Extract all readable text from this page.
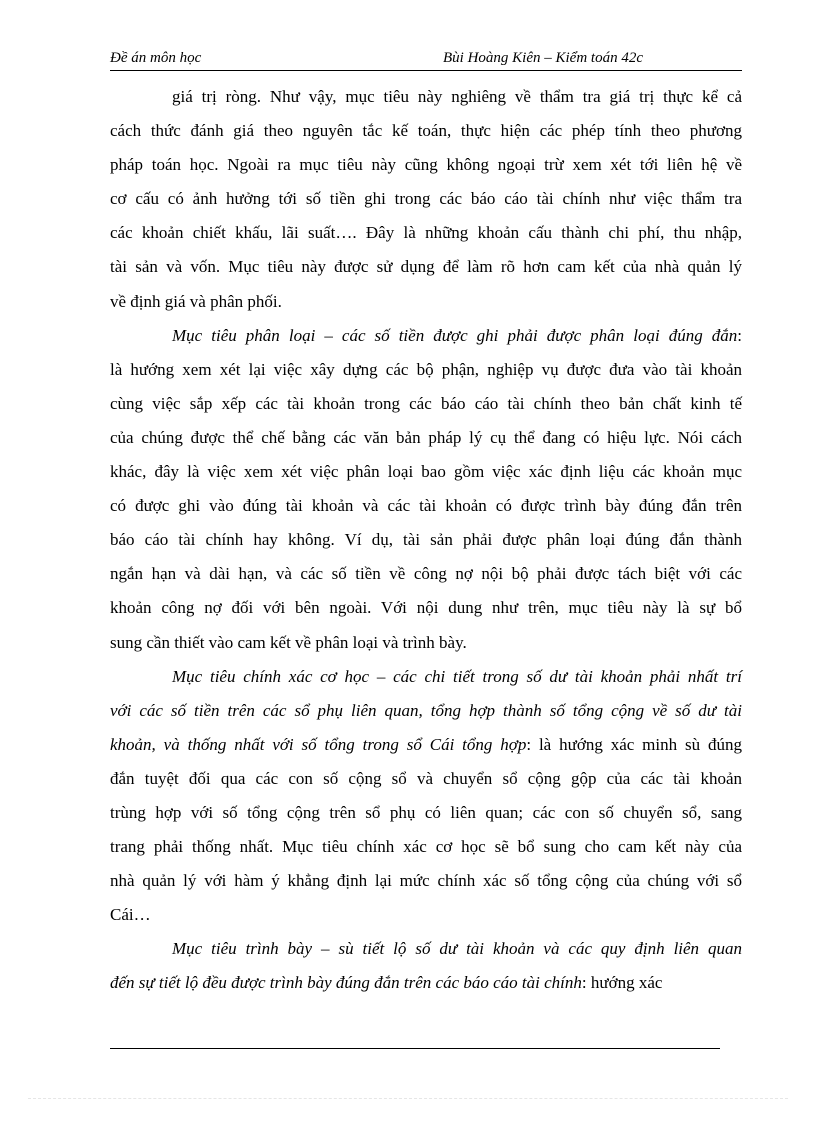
Đề án môn học	Bùi Hoàng Kiên – Kiểm toán 42c
giá trị ròng. Như vậy, mục tiêu này nghiêng về thẩm tra giá trị thực kể cả
cách thức đánh giá theo nguyên tắc kế toán, thực hiện các phép tính theo phương
pháp toán học. Ngoài ra mục tiêu này cũng không ngoại trừ xem xét tới liên hệ về
cơ cấu có ảnh hưởng tới số tiền ghi trong các báo cáo tài chính như việc thẩm tra
các khoản chiết khấu, lãi suất…. Đây là những khoản cấu thành chi phí, thu nhập,
tài sản và vốn. Mục tiêu này được sử dụng để làm rõ hơn cam kết của nhà quản lý
về định giá và phân phối.
Mục tiêu phân loại – các số tiền được ghi phải được phân loại đúng đắn:
là hướng xem xét lại việc xây dựng các bộ phận, nghiệp vụ được đưa vào tài khoản
cùng việc sắp xếp các tài khoản trong các báo cáo tài chính theo bản chất kinh tế
của chúng được thể chế bằng các văn bản pháp lý cụ thể đang có hiệu lực. Nói cách
khác, đây là việc xem xét việc phân loại bao gồm việc xác định liệu các khoản mục
có được ghi vào đúng tài khoản và các tài khoản có được trình bày đúng đắn trên
báo cáo tài chính hay không. Ví dụ, tài sản phải được phân loại đúng đắn thành
ngắn hạn và dài hạn, và các số tiền về công nợ nội bộ phải được tách biệt với các
khoản công nợ đối với bên ngoài. Với nội dung như trên, mục tiêu này là sự bổ
sung cần thiết vào cam kết về phân loại và trình bày.
Mục tiêu chính xác cơ học – các chi tiết trong số dư tài khoản phải nhất trí
với các số tiền trên các sổ phụ liên quan, tổng hợp thành số tổng cộng về số dư tài
khoản, và thống nhất với số tổng trong sổ Cái tổng hợp: là hướng xác minh sù đúng
đắn tuyệt đối qua các con số cộng sổ và chuyển sổ cộng gộp của các tài khoản
trùng hợp với số tổng cộng trên sổ phụ có liên quan; các con số chuyển sổ, sang
trang phải thống nhất. Mục tiêu chính xác cơ học sẽ bổ sung cho cam kết này của
nhà quản lý với hàm ý khẳng định lại mức chính xác số tổng cộng của chúng với sổ
Cái…
Mục tiêu trình bày – sù tiết lộ số dư tài khoản và các quy định liên quan
đến sự tiết lộ đều được trình bày đúng đắn trên các báo cáo tài chính: hướng xác
